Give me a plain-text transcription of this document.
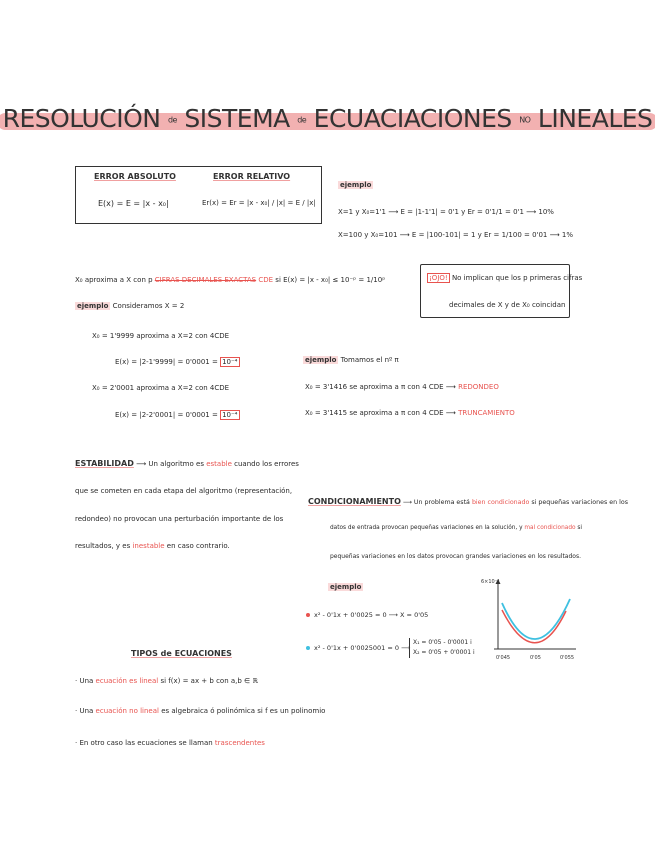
RESOLUCIÓN de SISTEMA de ECUACIACIONES NO LINEALES
ERROR ABSOLUTO	ERROR RELATIVO
E(x) = E = |x - x₀|	Er(x) = Er = |x - x₀| / |x| = E / |x|
ejemplo
X=1 y X₀=1'1 ⟶ E = |1-1'1| = 0'1 y Er = 0'1/1 = 0'1 ⟶ 10%
X=100 y X₀=101 ⟶ E = |100-101| = 1 y Er = 1/100 = 0'01 ⟶ 1%
X₀ aproxima a X con p CIFRAS DECIMALES EXACTAS CDE si E(x) = |x - x₀| ≤ 10⁻ᵖ = 1/10ᵖ	¡OJO! No implican que los p primeras cifras
decimales de X y de X₀ coincidan
ejemplo Consideramos X = 2
X₀ = 1'9999 aproxima a X=2 con 4CDE
E(x) = |2-1'9999| = 0'0001 = 10⁻⁴
X₀ = 2'0001 aproxima a X=2 con 4CDE
E(x) = |2-2'0001| = 0'0001 = 10⁻⁴
ejemplo Tomamos el nº π
X₀ = 3'1416 se aproxima a π con 4 CDE ⟶ REDONDEO
X₀ = 3'1415 se aproxima a π con 4 CDE ⟶ TRUNCAMIENTO
ESTABILIDAD ⟶ Un algoritmo es estable cuando los errores
que se cometen en cada etapa del algoritmo (representación,
redondeo) no provocan una perturbación importante de los
resultados, y es inestable en caso contrario.
CONDICIONAMIENTO ⟶ Un problema está bien condicionado si pequeñas variaciones en los
datos de entrada provocan pequeñas variaciones en la solución, y mal condicionado si
pequeñas variaciones en los datos provocan grandes variaciones en los resultados.
ejemplo
x² - 0'1x + 0'0025 = 0 ⟶ X = 0'05
x² - 0'1x + 0'0025001 = 0 ⟶
X₁ = 0'05 - 0'0001 i
X₂ = 0'05 + 0'0001 i
6×10⁻⁴
0'045	0'05	0'055
TIPOS de ECUACIONES
· Una ecuación es lineal si f(x) = ax + b con a,b ∈ ℝ
· Una ecuación no lineal es algebraica ó polinómica si f es un polinomio
· En otro caso las ecuaciones se llaman trascendentes
